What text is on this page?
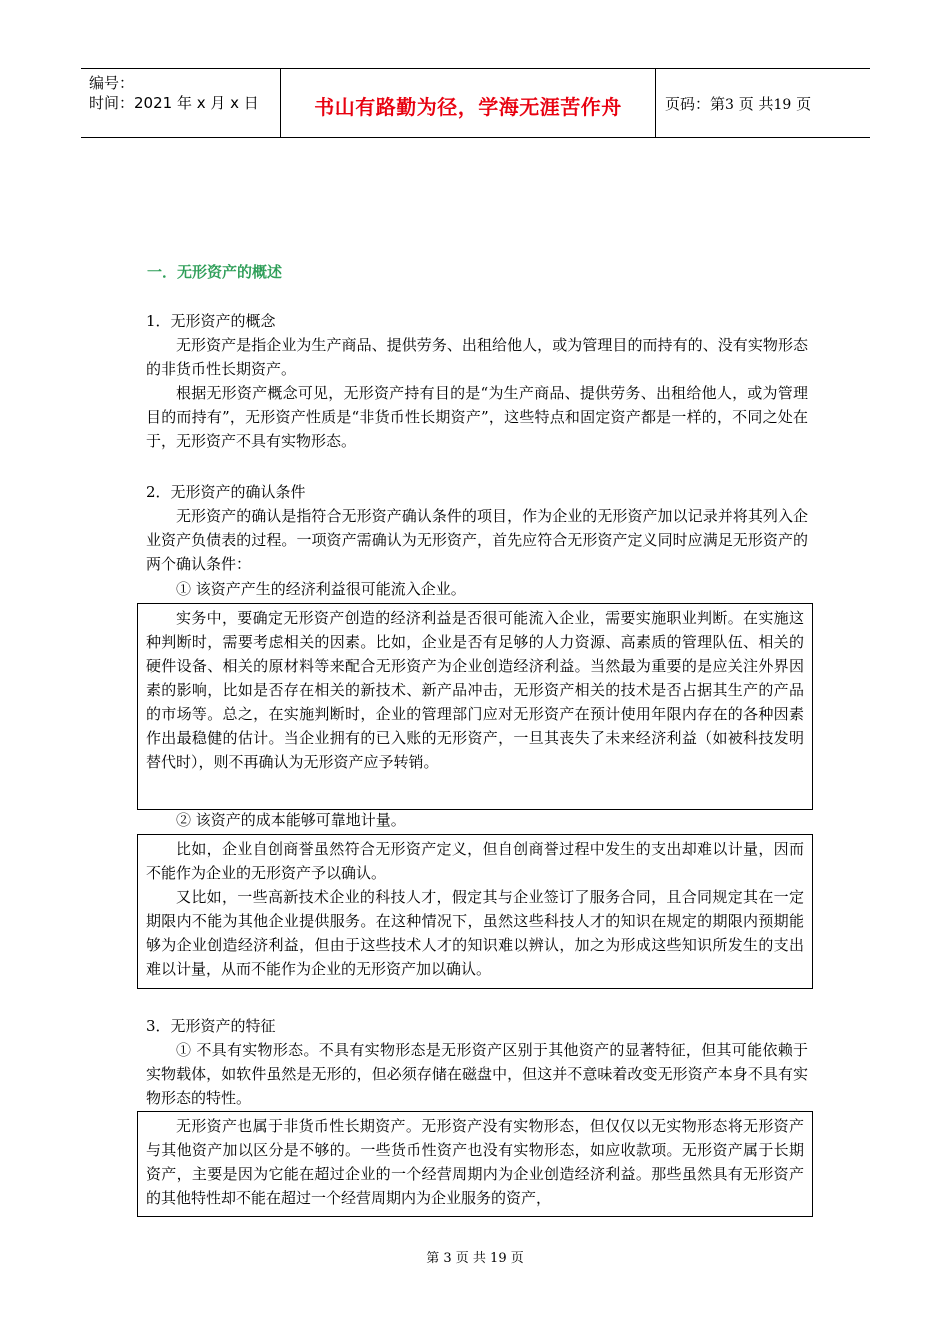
编号：
时间：2021 年 x 月 x 日	书山有路勤为径，学海无涯苦作舟	页码：第3 页 共19 页
一．无形资产的概述
1．无形资产的概念
无形资产是指企业为生产商品、提供劳务、出租给他人，或为管理目的而持有的、没有实物形态的非货币性长期资产。
根据无形资产概念可见，无形资产持有目的是“为生产商品、提供劳务、出租给他人，或为管理目的而持有”，无形资产性质是“非货币性长期资产”，这些特点和固定资产都是一样的，不同之处在于，无形资产不具有实物形态。
2．无形资产的确认条件
无形资产的确认是指符合无形资产确认条件的项目，作为企业的无形资产加以记录并将其列入企业资产负债表的过程。一项资产需确认为无形资产，首先应符合无形资产定义同时应满足无形资产的两个确认条件：
① 该资产产生的经济利益很可能流入企业。

实务中，要确定无形资产创造的经济利益是否很可能流入企业，需要实施职业判断。在实施这种判断时，需要考虑相关的因素。比如，企业是否有足够的人力资源、高素质的管理队伍、相关的硬件设备、相关的原材料等来配合无形资产为企业创造经济利益。当然最为重要的是应关注外界因素的影响，比如是否存在相关的新技术、新产品冲击，无形资产相关的技术是否占据其生产的产品的市场等。总之，在实施判断时，企业的管理部门应对无形资产在预计使用年限内存在的各种因素作出最稳健的估计。当企业拥有的已入账的无形资产，一旦其丧失了未来经济利益（如被科技发明替代时），则不再确认为无形资产应予转销。

② 该资产的成本能够可靠地计量。

比如，企业自创商誉虽然符合无形资产定义，但自创商誉过程中发生的支出却难以计量，因而不能作为企业的无形资产予以确认。

又比如，一些高新技术企业的科技人才，假定其与企业签订了服务合同，且合同规定其在一定期限内不能为其他企业提供服务。在这种情况下，虽然这些科技人才的知识在规定的期限内预期能够为企业创造经济利益，但由于这些技术人才的知识难以辨认，加之为形成这些知识所发生的支出难以计量，从而不能作为企业的无形资产加以确认。

3．无形资产的特征
① 不具有实物形态。不具有实物形态是无形资产区别于其他资产的显著特征，但其可能依赖于实物载体，如软件虽然是无形的，但必须存储在磁盘中，但这并不意味着改变无形资产本身不具有实物形态的特性。

无形资产也属于非货币性长期资产。无形资产没有实物形态，但仅仅以无实物形态将无形资产与其他资产加以区分是不够的。一些货币性资产也没有实物形态，如应收款项。无形资产属于长期资产，主要是因为它能在超过企业的一个经营周期内为企业创造经济利益。那些虽然具有无形资产的其他特性却不能在超过一个经营周期内为企业服务的资产，

第 3 页 共 19 页
